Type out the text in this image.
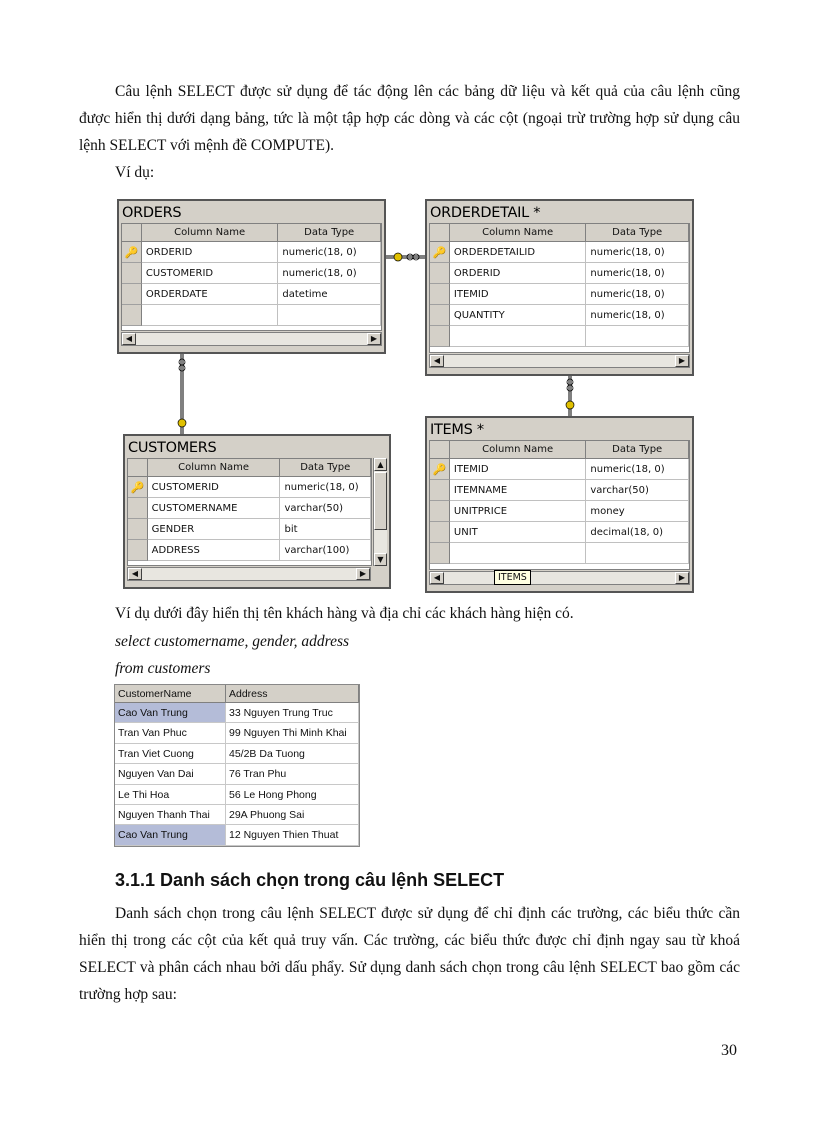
Câu lệnh SELECT được sử dụng để tác động lên các bảng dữ liệu và kết quả của câu lệnh cũng được hiển thị dưới dạng bảng, tức là một tập hợp các dòng và các cột (ngoại trừ trường hợp sử dụng câu lệnh SELECT với mệnh đề COMPUTE).

Ví dụ:
ORDERS
Column Name	Data Type
🔑 ORDERID	numeric(18, 0)
CUSTOMERID	numeric(18, 0)
ORDERDATE	datetime
◀	▶
ORDERDETAIL *
Column Name	Data Type
🔑 ORDERDETAILID	numeric(18, 0)
ORDERID	numeric(18, 0)
ITEMID	numeric(18, 0)
QUANTITY	numeric(18, 0)
◀	▶
CUSTOMERS
Column Name	Data Type
🔑 CUSTOMERID	numeric(18, 0)
CUSTOMERNAME	varchar(50)
GENDER	bit
ADDRESS	varchar(100)
▲
▼
◀	▶
ITEMS *
Column Name	Data Type
🔑 ITEMID	numeric(18, 0)
ITEMNAME	varchar(50)
UNITPRICE	money
UNIT	decimal(18, 0)
◀	▶
ITEMS
Ví dụ dưới đây hiển thị tên khách hàng và địa chỉ các khách hàng hiện có.
select customername, gender, address
from customers
CustomerName	Address
Cao Van Trung	33 Nguyen Trung Truc
Tran Van Phuc	99 Nguyen Thi Minh Khai
Tran Viet Cuong	45/2B Da Tuong
Nguyen Van Dai	76 Tran Phu
Le Thi Hoa	56 Le Hong Phong
Nguyen Thanh Thai	29A Phuong Sai
Cao Van Trung	12 Nguyen Thien Thuat
3.1.1 Danh sách chọn trong câu lệnh SELECT

Danh sách chọn trong câu lệnh SELECT được sử dụng để chỉ định các trường, các biểu thức cần hiển thị trong các cột của kết quả truy vấn. Các trường, các biểu thức được chỉ định ngay sau từ khoá SELECT và phân cách nhau bởi dấu phẩy. Sử dụng danh sách chọn trong câu lệnh SELECT bao gồm các trường hợp sau:

30
